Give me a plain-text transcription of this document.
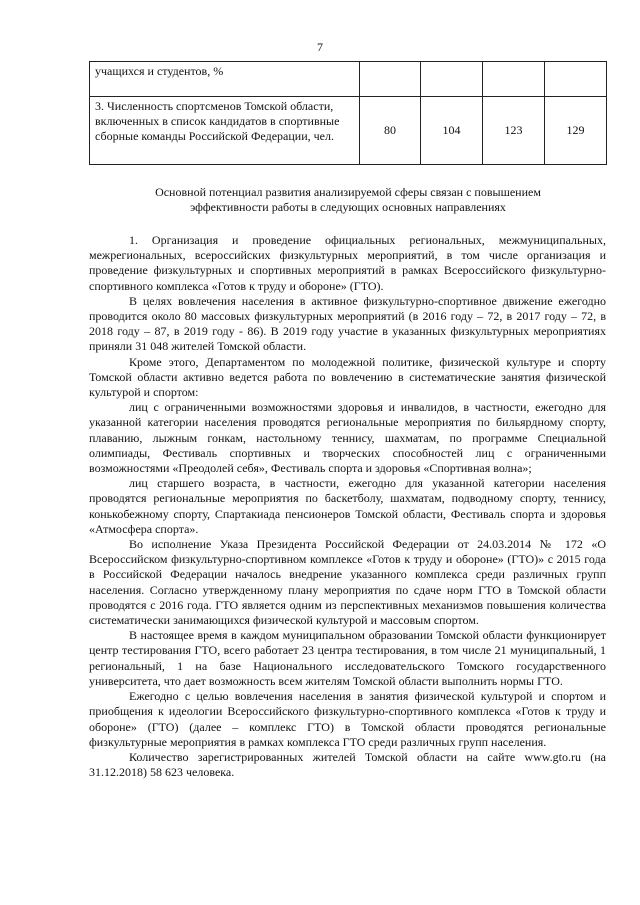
7
учащихся и студентов, %				
3. Численность спортсменов Томской области, включенных в список кандидатов в спортивные сборные команды Российской Федерации, чел.	80	104	123	129
Основной потенциал развития анализируемой сферы связан с повышением эффективности работы в следующих основных направлениях

1. Организация и проведение официальных региональных, межмуниципальных, межрегиональных, всероссийских физкультурных мероприятий, в том числе организация и проведение физкультурных и спортивных мероприятий в рамках Всероссийского физкультурно-спортивного комплекса «Готов к труду и обороне» (ГТО).

В целях вовлечения населения в активное физкультурно-спортивное движение ежегодно проводится около 80 массовых физкультурных мероприятий (в 2016 году – 72, в 2017 году – 72, в 2018 году – 87, в 2019 году - 86). В 2019 году участие в указанных физкультурных мероприятиях приняли 31 048 жителей Томской области.

Кроме этого, Департаментом по молодежной политике, физической культуре и спорту Томской области активно ведется работа по вовлечению в систематические занятия физической культурой и спортом:

лиц с ограниченными возможностями здоровья и инвалидов, в частности, ежегодно для указанной категории населения проводятся региональные мероприятия по бильярдному спорту, плаванию, лыжным гонкам, настольному теннису, шахматам, по программе Специальной олимпиады, Фестиваль спортивных и творческих способностей лиц с ограниченными возможностями «Преодолей себя», Фестиваль спорта и здоровья «Спортивная волна»;

лиц старшего возраста, в частности, ежегодно для указанной категории населения проводятся региональные мероприятия по баскетболу, шахматам, подводному спорту, теннису, конькобежному спорту, Спартакиада пенсионеров Томской области, Фестиваль спорта и здоровья «Атмосфера спорта».

Во исполнение Указа Президента Российской Федерации от 24.03.2014 № 172 «О Всероссийском физкультурно-спортивном комплексе «Готов к труду и обороне» (ГТО)» с 2015 года в Российской Федерации началось внедрение указанного комплекса среди различных групп населения. Согласно утвержденному плану мероприятия по сдаче норм ГТО в Томской области проводятся с 2016 года. ГТО является одним из перспективных механизмов повышения количества систематически занимающихся физической культурой и массовым спортом.

В настоящее время в каждом муниципальном образовании Томской области функционирует центр тестирования ГТО, всего работает 23 центра тестирования, в том числе 21 муниципальный, 1 региональный, 1 на базе Национального исследовательского Томского государственного университета, что дает возможность всем жителям Томской области выполнить нормы ГТО.

Ежегодно с целью вовлечения населения в занятия физической культурой и спортом и приобщения к идеологии Всероссийского физкультурно-спортивного комплекса «Готов к труду и обороне» (ГТО) (далее – комплекс ГТО) в Томской области проводятся региональные физкультурные мероприятия в рамках комплекса ГТО среди различных групп населения.

Количество зарегистрированных жителей Томской области на сайте www.gto.ru (на 31.12.2018) 58 623 человека.
